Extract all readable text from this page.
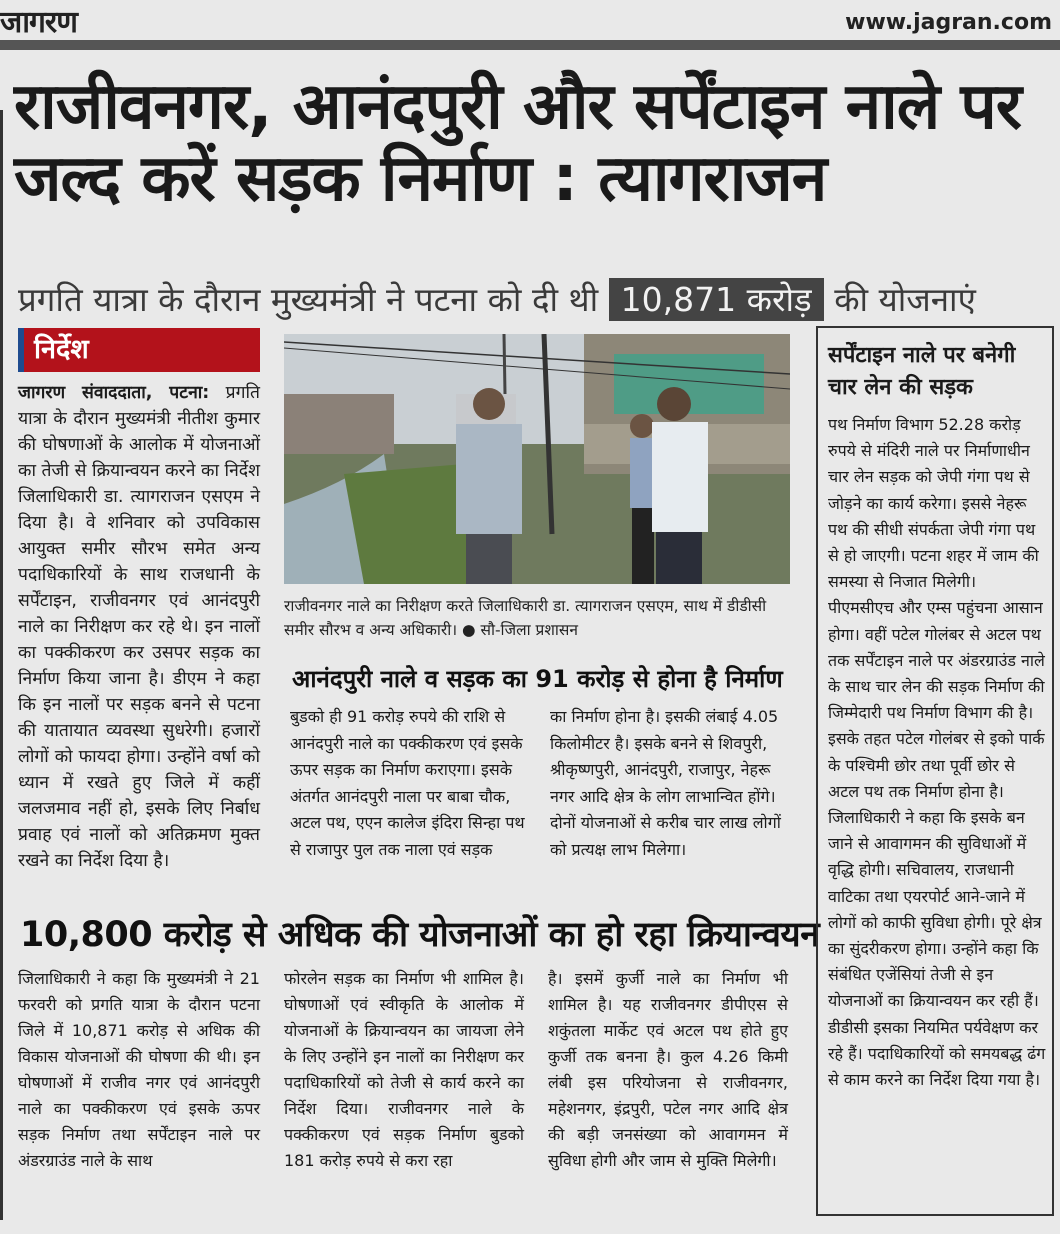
जागरण	www.jagran.com
राजीवनगर, आनंदपुरी और सर्पेंटाइन नाले पर जल्द करें सड़क निर्माण : त्यागराजन
प्रगति यात्रा के दौरान मुख्यमंत्री ने पटना को दी थी 10,871 करोड़ की योजनाएं
निर्देश
जागरण संवाददाता, पटना: प्रगति यात्रा के दौरान मुख्यमंत्री नीतीश कुमार की घोषणाओं के आलोक में योजनाओं का तेजी से क्रियान्वयन करने का निर्देश जिलाधिकारी डा. त्यागराजन एसएम ने दिया है। वे शनिवार को उपविकास आयुक्त समीर सौरभ समेत अन्य पदाधिकारियों के साथ राजधानी के सर्पेंटाइन, राजीवनगर एवं आनंदपुरी नाले का निरीक्षण कर रहे थे। इन नालों का पक्कीकरण कर उसपर सड़क का निर्माण किया जाना है। डीएम ने कहा कि इन नालों पर सड़क बनने से पटना की यातायात व्यवस्था सुधरेगी। हजारों लोगों को फायदा होगा। उन्होंने वर्षा को ध्यान में रखते हुए जिले में कहीं जलजमाव नहीं हो, इसके लिए निर्बाध प्रवाह एवं नालों को अतिक्रमण मुक्त रखने का निर्देश दिया है।
राजीवनगर नाले का निरीक्षण करते जिलाधिकारी डा. त्यागराजन एसएम, साथ में डीडीसी समीर सौरभ व अन्य अधिकारी। ● सौ-जिला प्रशासन
आनंदपुरी नाले व सड़क का 91 करोड़ से होना है निर्माण
बुडको ही 91 करोड़ रुपये की राशि से आनंदपुरी नाले का पक्कीकरण एवं इसके ऊपर सड़क का निर्माण कराएगा। इसके अंतर्गत आनंदपुरी नाला पर बाबा चौक, अटल पथ, एएन कालेज इंदिरा सिन्हा पथ से राजापुर पुल तक नाला एवं सड़क
का निर्माण होना है। इसकी लंबाई 4.05 किलोमीटर है। इसके बनने से शिवपुरी, श्रीकृष्णपुरी, आनंदपुरी, राजापुर, नेहरू नगर आदि क्षेत्र के लोग लाभान्वित होंगे। दोनों योजनाओं से करीब चार लाख लोगों को प्रत्यक्ष लाभ मिलेगा।
10,800 करोड़ से अधिक की योजनाओं का हो रहा क्रियान्वयन
जिलाधिकारी ने कहा कि मुख्यमंत्री ने 21 फरवरी को प्रगति यात्रा के दौरान पटना जिले में 10,871 करोड़ से अधिक की विकास योजनाओं की घोषणा की थी। इन घोषणाओं में राजीव नगर एवं आनंदपुरी नाले का पक्कीकरण एवं इसके ऊपर सड़क निर्माण तथा सर्पेंटाइन नाले पर अंडरग्राउंड नाले के साथ
फोरलेन सड़क का निर्माण भी शामिल है। घोषणाओं एवं स्वीकृति के आलोक में योजनाओं के क्रियान्वयन का जायजा लेने के लिए उन्होंने इन नालों का निरीक्षण कर पदाधिकारियों को तेजी से कार्य करने का निर्देश दिया। राजीवनगर नाले के पक्कीकरण एवं सड़क निर्माण बुडको 181 करोड़ रुपये से करा रहा
है। इसमें कुर्जी नाले का निर्माण भी शामिल है। यह राजीवनगर डीपीएस से शकुंतला मार्केट एवं अटल पथ होते हुए कुर्जी तक बनना है। कुल 4.26 किमी लंबी इस परियोजना से राजीवनगर, महेशनगर, इंद्रपुरी, पटेल नगर आदि क्षेत्र की बड़ी जनसंख्या को आवागमन में सुविधा होगी और जाम से मुक्ति मिलेगी।
सर्पेंटाइन नाले पर बनेगी चार लेन की सड़क
पथ निर्माण विभाग 52.28 करोड़ रुपये से मंदिरी नाले पर निर्माणाधीन चार लेन सड़क को जेपी गंगा पथ से जोड़ने का कार्य करेगा। इससे नेहरू पथ की सीधी संपर्कता जेपी गंगा पथ से हो जाएगी। पटना शहर में जाम की समस्या से निजात मिलेगी। पीएमसीएच और एम्स पहुंचना आसान होगा। वहीं पटेल गोलंबर से अटल पथ तक सर्पेंटाइन नाले पर अंडरग्राउंड नाले के साथ चार लेन की सड़क निर्माण की जिम्मेदारी पथ निर्माण विभाग की है। इसके तहत पटेल गोलंबर से इको पार्क के पश्चिमी छोर तथा पूर्वी छोर से अटल पथ तक निर्माण होना है। जिलाधिकारी ने कहा कि इसके बन जाने से आवागमन की सुविधाओं में वृद्धि होगी। सचिवालय, राजधानी वाटिका तथा एयरपोर्ट आने-जाने में लोगों को काफी सुविधा होगी। पूरे क्षेत्र का सुंदरीकरण होगा। उन्होंने कहा कि संबंधित एजेंसियां तेजी से इन योजनाओं का क्रियान्वयन कर रही हैं। डीडीसी इसका नियमित पर्यवेक्षण कर रहे हैं। पदाधिकारियों को समयबद्ध ढंग से काम करने का निर्देश दिया गया है।
